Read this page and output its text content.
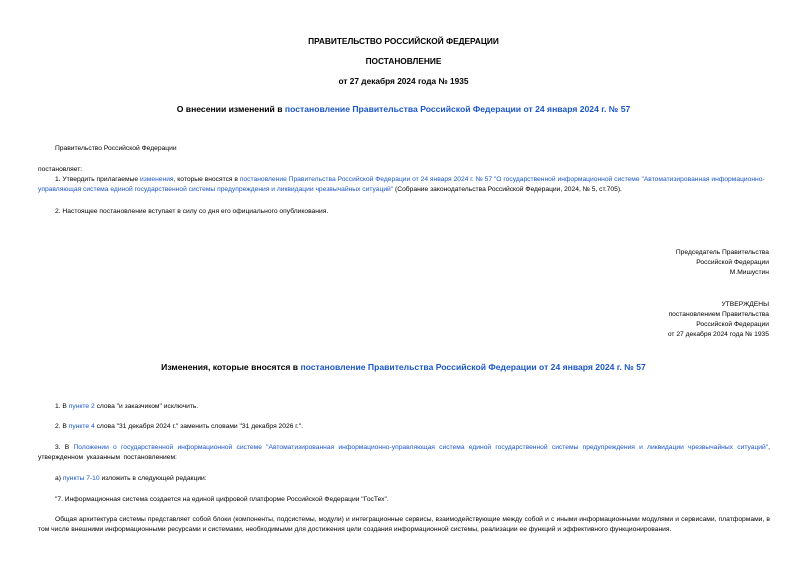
ПРАВИТЕЛЬСТВО РОССИЙСКОЙ ФЕДЕРАЦИИ
ПОСТАНОВЛЕНИЕ
от 27 декабря 2024 года № 1935
О внесении изменений в постановление Правительства Российской Федерации от 24 января 2024 г. № 57
Правительство Российской Федерации
постановляет:
1. Утвердить прилагаемые изменения, которые вносятся в постановление Правительства Российской Федерации от 24 января 2024 г. № 57 "О государственной информационной системе "Автоматизированная информационно-управляющая система единой государственной системы предупреждения и ликвидации чрезвычайных ситуаций" (Собрание законодательства Российской Федерации, 2024, № 5, ст.705).
2. Настоящее постановление вступает в силу со дня его официального опубликования.
Председатель Правительства
Российской Федерации
М.Мишустин
УТВЕРЖДЕНЫ
постановлением Правительства
Российской Федерации
от 27 декабря 2024 года № 1935
Изменения, которые вносятся в постановление Правительства Российской Федерации от 24 января 2024 г. № 57
1. В пункте 2 слова "и заказчиком" исключить.
2. В пункте 4 слова "31 декабря 2024 г." заменить словами "31 декабря 2026 г.".
3. В Положении о государственной информационной системе "Автоматизированная информационно-управляющая система единой государственной системы предупреждения и ликвидации чрезвычайных ситуаций", утвержденном указанным постановлением:
а) пункты 7-10 изложить в следующей редакции:
"7. Информационная система создается на единой цифровой платформе Российской Федерации "ГосТех".
Общая архитектура системы представляет собой блоки (компоненты, подсистемы, модули) и интеграционные сервисы, взаимодействующие между собой и с иными информационными модулями и сервисами, платформами, в том числе внешними информационными ресурсами и системами, необходимыми для достижения цели создания информационной системы, реализации ее функций и эффективного функционирования.
